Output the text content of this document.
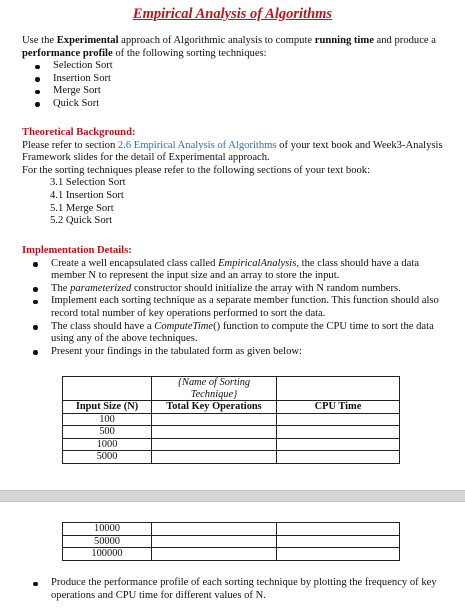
Empirical Analysis of Algorithms

Use the Experimental approach of Algorithmic analysis to compute running time and produce a performance profile of the following sorting techniques:

Selection Sort
Insertion Sort
Merge Sort
Quick Sort

Theoretical Background:

Please refer to section 2.6 Empirical Analysis of Algorithms of your text book and Week3-Analysis Framework slides for the detail of Experimental approach.

For the sorting techniques please refer to the following sections of your text book:

3.1 Selection Sort
4.1 Insertion Sort
5.1 Merge Sort
5.2 Quick Sort

Implementation Details:

Create a well encapsulated class called EmpiricalAnalysis, the class should have a data member N to represent the input size and an array to store the input.
The parameterized constructor should initialize the array with N random numbers.
Implement each sorting technique as a separate member function. This function should also record total number of key operations performed to sort the data.
The class should have a ComputeTime() function to compute the CPU time to sort the data using any of the above techniques.
Present your findings in the tabulated form as given below:
	{Name of Sorting Technique}	
Input Size (N)	Total Key Operations	CPU Time
100		
500		
1000		
5000		
10000		
50000		
100000		
Produce the performance profile of each sorting technique by plotting the frequency of key operations and CPU time for different values of N.
